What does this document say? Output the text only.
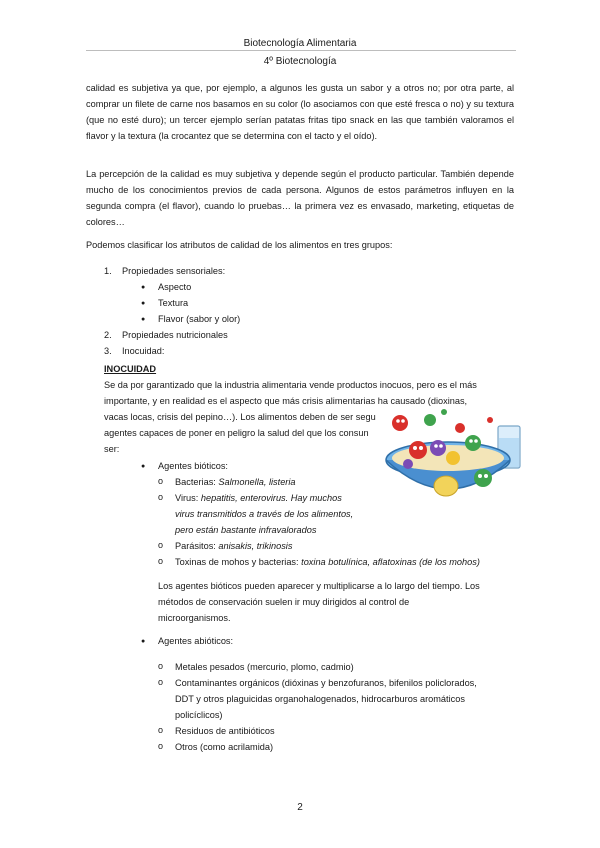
Biotecnología Alimentaria
4º Biotecnología
calidad es subjetiva ya que, por ejemplo, a algunos les gusta un sabor y a otros no; por otra parte, al comprar un filete de carne nos basamos en su color (lo asociamos con que esté fresca o no) y su textura (que no esté duro); un tercer ejemplo serían patatas fritas tipo snack en las que también valoramos el flavor y la textura (la crocantez que se determina con el tacto y el oído).
La percepción de la calidad es muy subjetiva y depende según el producto particular. También depende mucho de los conocimientos previos de cada persona. Algunos de estos parámetros influyen en la segunda compra (el flavor), cuando lo pruebas… la primera vez es envasado, marketing, etiquetas de colores…
Podemos clasificar los atributos de calidad de los alimentos en tres grupos:
1. Propiedades sensoriales:
● Aspecto
● Textura
● Flavor (sabor y olor)
2. Propiedades nutricionales
3. Inocuidad:
INOCUIDAD
Se da por garantizado que la industria alimentaria vende productos inocuos, pero es el más
importante, y en realidad es el aspecto que más crisis alimentarias ha causado (dioxinas,
vacas locas, crisis del pepino…). Los alimentos deben de ser segu
agentes capaces de poner en peligro la salud del que los consun
ser:
● Agentes bióticos:
o Bacterias: Salmonella, listeria
o Virus: hepatitis, enterovirus. Hay muchos
virus transmitidos a través de los alimentos,
pero están bastante infravalorados
o Parásitos: anisakis, trikinosis
o Toxinas de mohos y bacterias: toxina botulínica, aflatoxinas (de los mohos)
Los agentes bióticos pueden aparecer y multiplicarse a lo largo del tiempo. Los
métodos de conservación suelen ir muy dirigidos al control de
microorganismos.
● Agentes abióticos:
o Metales pesados (mercurio, plomo, cadmio)
o Contaminantes orgánicos (dióxinas y benzofuranos, bifenilos policlorados,
DDT y otros plaguicidas organohalogenados, hidrocarburos aromáticos
policíclicos)
o Residuos de antibióticos
o Otros (como acrilamida)
2
